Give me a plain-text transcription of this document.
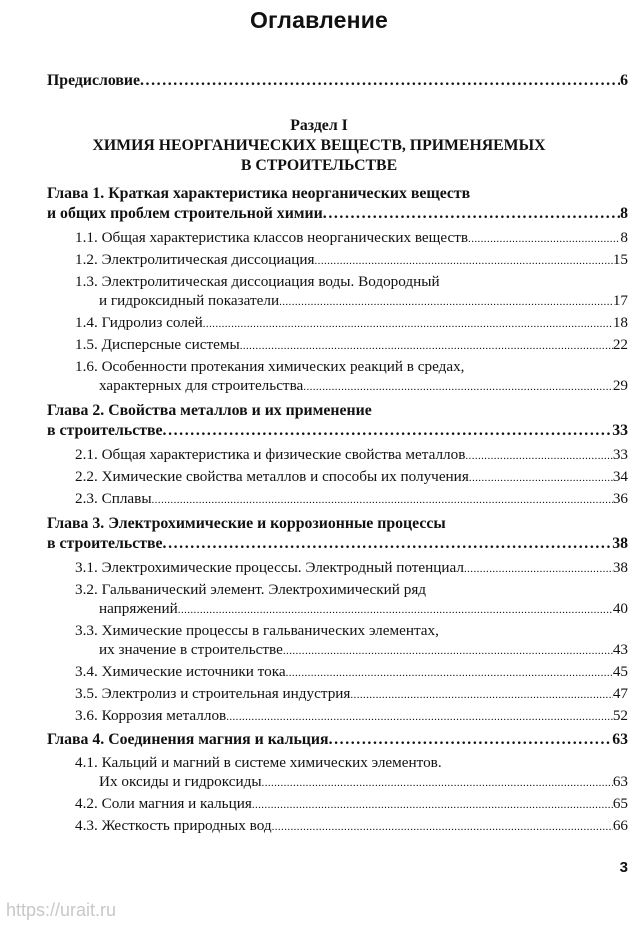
Оглавление
Предисловие .....	6
Раздел I
ХИМИЯ НЕОРГАНИЧЕСКИХ ВЕЩЕСТВ, ПРИМЕНЯЕМЫХ
В СТРОИТЕЛЬСТВЕ
Глава 1. Краткая характеристика неорганических веществ
и общих проблем строительной химии .....	8
1.1. Общая характеристика классов неорганических веществ .....	8
1.2. Электролитическая диссоциация .....	15
1.3. Электролитическая диссоциация воды. Водородный
и гидроксидный показатели .....	17
1.4. Гидролиз солей .....	18
1.5. Дисперсные системы .....	22
1.6. Особенности протекания химических реакций в средах,
характерных для строительства .....	29
Глава 2. Свойства металлов и их применение
в строительстве .....	33
2.1. Общая характеристика и физические свойства металлов .....	33
2.2. Химические свойства металлов и способы их получения .....	34
2.3. Сплавы .....	36
Глава 3. Электрохимические и коррозионные процессы
в строительстве .....	38
3.1. Электрохимические процессы. Электродный потенциал .....	38
3.2. Гальванический элемент. Электрохимический ряд
напряжений .....	40
3.3. Химические процессы в гальванических элементах,
их значение в строительстве .....	43
3.4. Химические источники тока .....	45
3.5. Электролиз и строительная индустрия .....	47
3.6. Коррозия металлов .....	52
Глава 4. Соединения магния и кальция .....	63
4.1. Кальций и магний в системе химических элементов.
Их оксиды и гидроксиды .....	63
4.2. Соли магния и кальция .....	65
4.3. Жесткость природных вод .....	66
3
https://urait.ru
